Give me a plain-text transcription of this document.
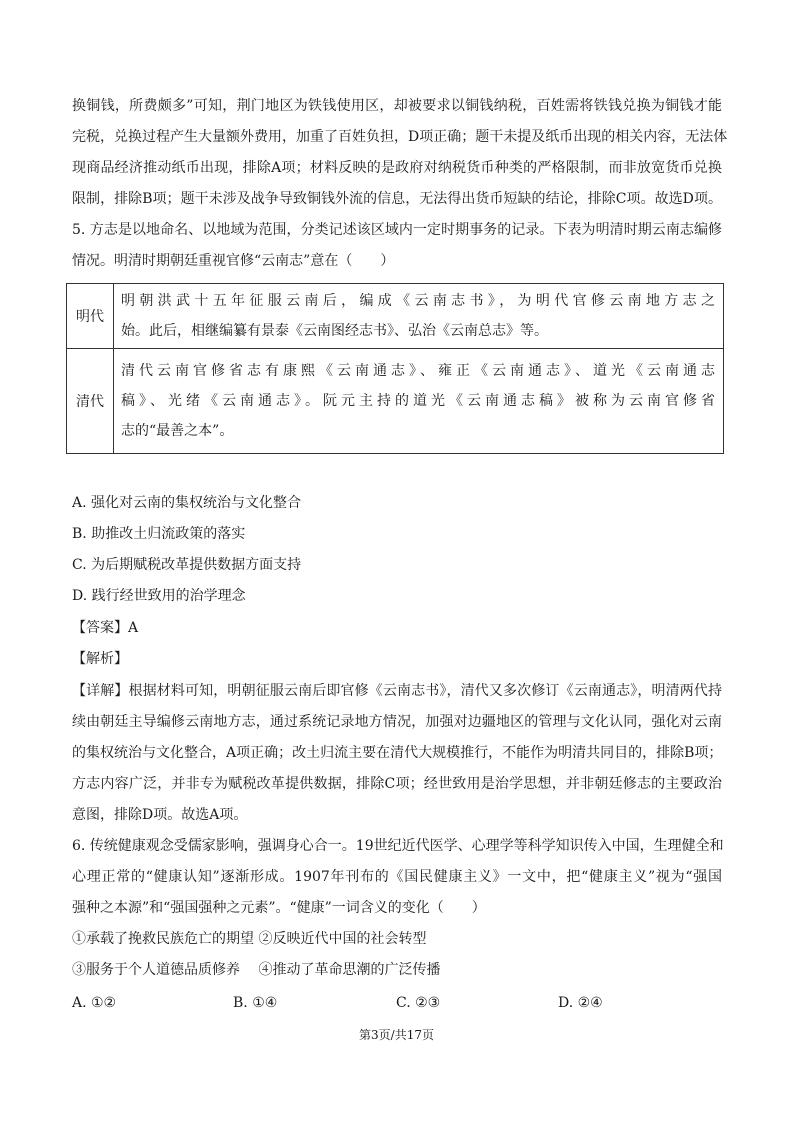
换铜钱，所费颇多”可知，荆门地区为铁钱使用区，却被要求以铜钱纳税，百姓需将铁钱兑换为铜钱才能
完税，兑换过程产生大量额外费用，加重了百姓负担，D项正确；题干未提及纸币出现的相关内容，无法体
现商品经济推动纸币出现，排除A项；材料反映的是政府对纳税货币种类的严格限制，而非放宽货币兑换
限制，排除B项；题干未涉及战争导致铜钱外流的信息，无法得出货币短缺的结论，排除C项。故选D项。
5. 方志是以地命名、以地域为范围，分类记述该区域内一定时期事务的记录。下表为明清时期云南志编修
情况。明清时期朝廷重视官修“云南志”意在（　　）
明代	明朝洪武十五年征服云南后，编成《云南志书》，为明代官修云南地方志之
始。此后，相继编纂有景泰《云南图经志书》、弘治《云南总志》等。

清代	清代云南官修省志有康熙《云南通志》、雍正《云南通志》、道光《云南通志
稿》、光绪《云南通志》。阮元主持的道光《云南通志稿》被称为云南官修省
志的“最善之本”。
A. 强化对云南的集权统治与文化整合
B. 助推改土归流政策的落实
C. 为后期赋税改革提供数据方面支持
D. 践行经世致用的治学理念
【答案】A
【解析】
【详解】根据材料可知，明朝征服云南后即官修《云南志书》，清代又多次修订《云南通志》，明清两代持
续由朝廷主导编修云南地方志，通过系统记录地方情况，加强对边疆地区的管理与文化认同，强化对云南
的集权统治与文化整合，A项正确；改土归流主要在清代大规模推行，不能作为明清共同目的，排除B项；
方志内容广泛，并非专为赋税改革提供数据，排除C项；经世致用是治学思想，并非朝廷修志的主要政治
意图，排除D项。故选A项。
6. 传统健康观念受儒家影响，强调身心合一。19世纪近代医学、心理学等科学知识传入中国，生理健全和
心理正常的“健康认知”逐渐形成。1907年刊布的《国民健康主义》一文中，把“健康主义”视为“强国
强种之本源”和“强国强种之元素”。“健康”一词含义的变化（　　）
①承载了挽救民族危亡的期望 ②反映近代中国的社会转型
③服务于个人道德品质修养　 ④推动了革命思潮的广泛传播
A. ①②	B. ①④	C. ②③	D. ②④
第3页/共17页
